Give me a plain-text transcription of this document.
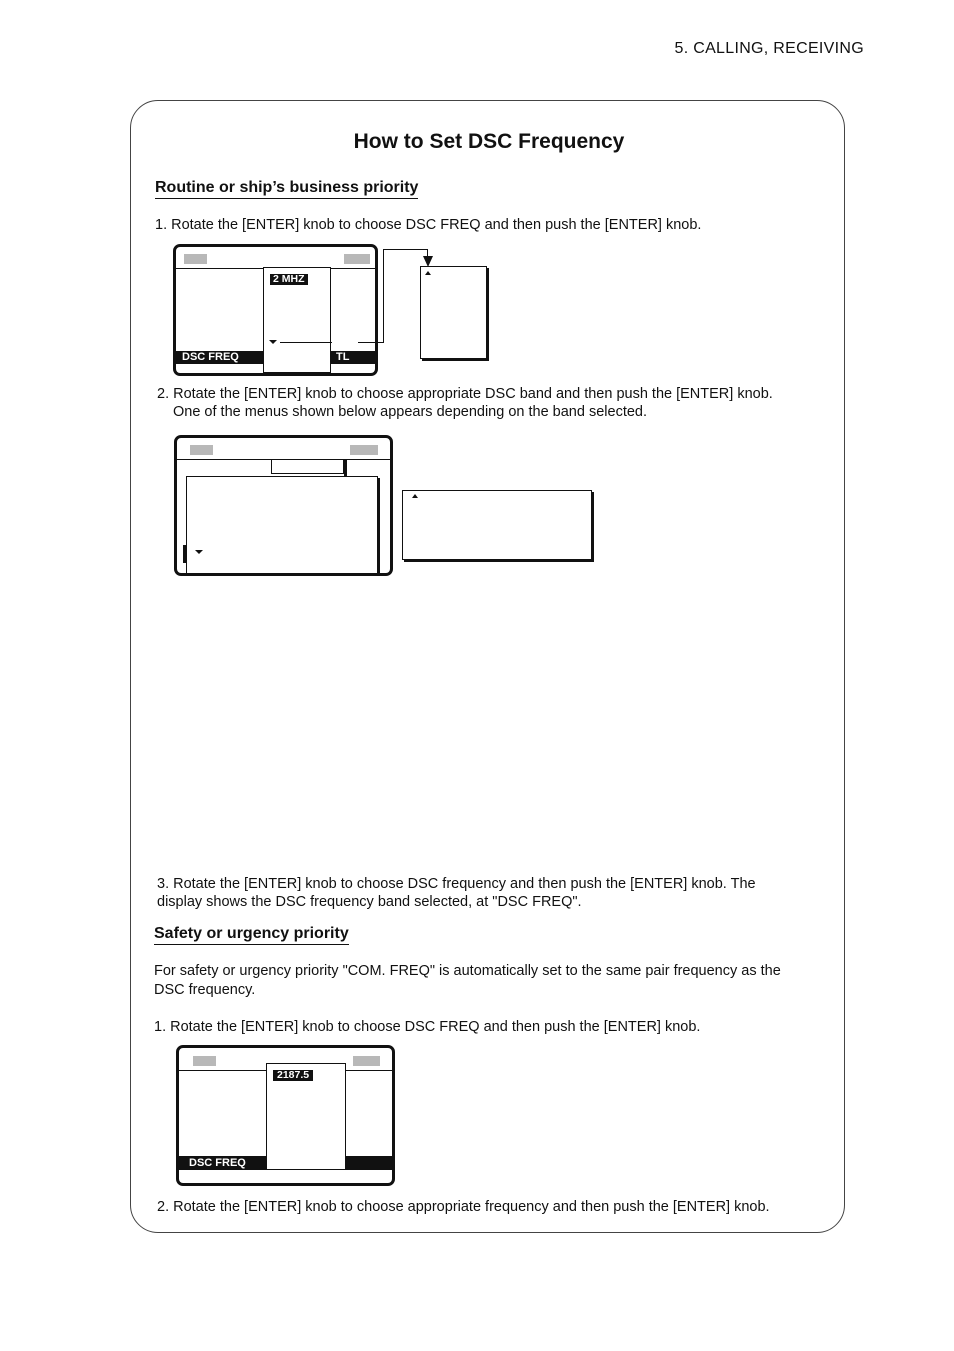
5. CALLING, RECEIVING
How to Set DSC Frequency
Routine or ship’s business priority
1. Rotate the [ENTER] knob to choose DSC FREQ and then push the [ENTER] knob.
DSC FREQ	TL
2 MHZ
2. Rotate the [ENTER] knob to choose appropriate DSC band and then push the [ENTER] knob.
One of the menus shown below appears depending on the band selected.
3. Rotate the [ENTER] knob to choose DSC frequency and then push the [ENTER] knob. The
display shows the DSC frequency band selected, at "DSC FREQ".
Safety or urgency priority
For safety or urgency priority "COM. FREQ" is automatically set to the same pair frequency as the
DSC frequency.
1. Rotate the [ENTER] knob to choose DSC FREQ and then push the [ENTER] knob.
DSC FREQ
2187.5
2. Rotate the [ENTER] knob to choose appropriate frequency and then push the [ENTER] knob.
